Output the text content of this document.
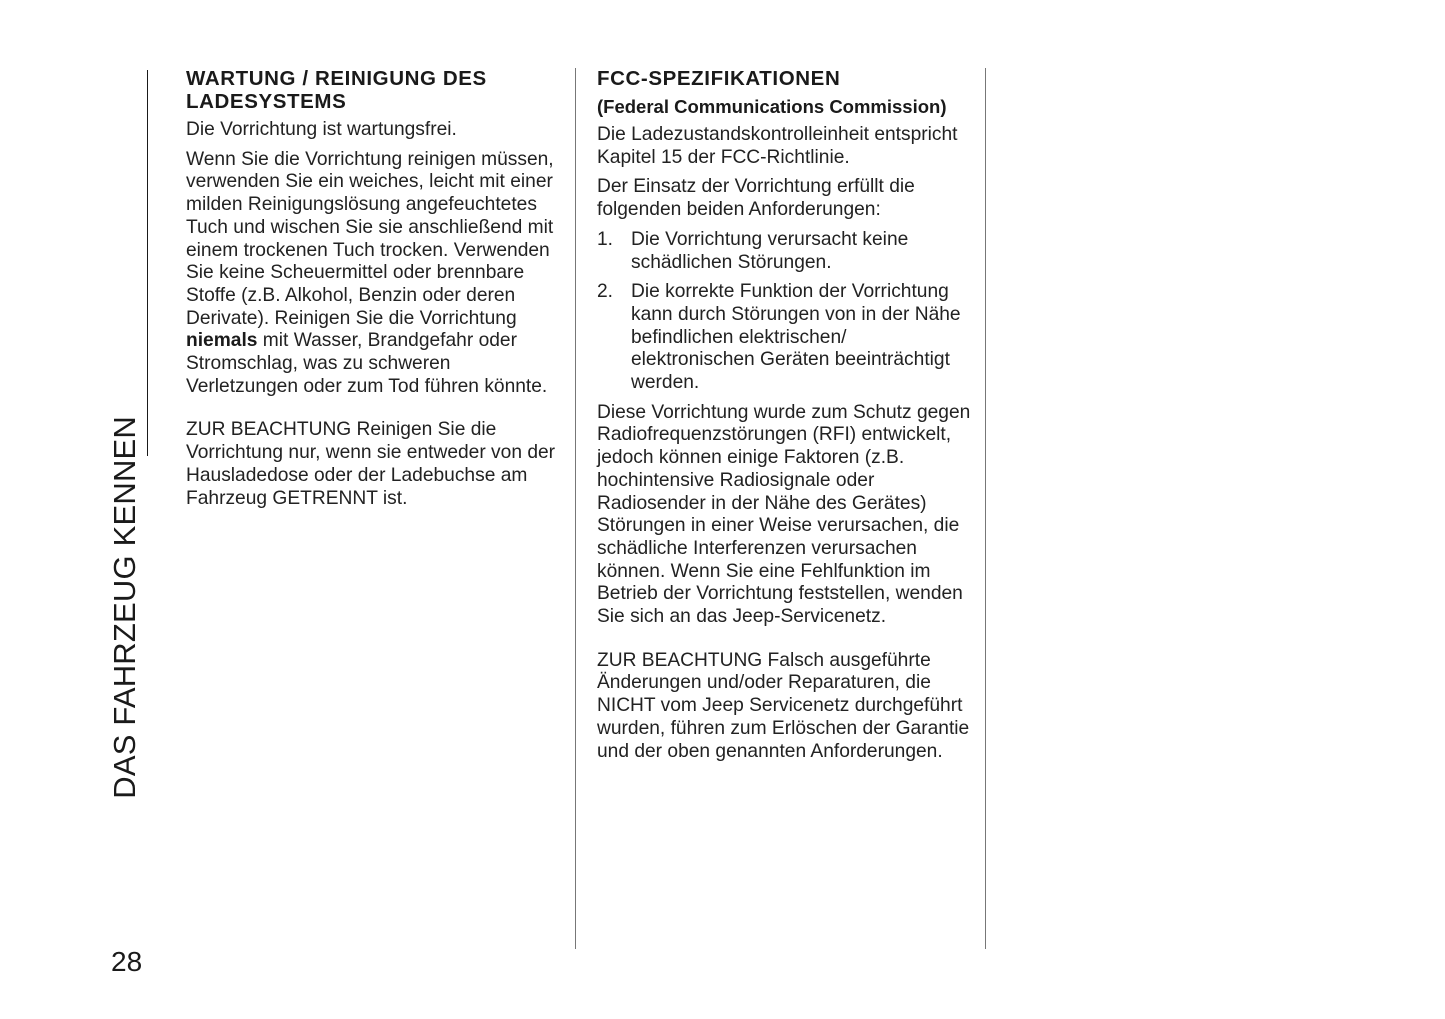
DAS FAHRZEUG KENNEN
WARTUNG / REINIGUNG DES LADESYSTEMS

Die Vorrichtung ist wartungsfrei.

Wenn Sie die Vorrichtung reinigen müssen, verwenden Sie ein weiches, leicht mit einer milden Reinigungslösung angefeuchtetes Tuch und wischen Sie sie anschließend mit einem trockenen Tuch trocken. Verwenden Sie keine Scheuermittel oder brennbare Stoffe (z.B. Alkohol, Benzin oder deren Derivate). Reinigen Sie die Vorrichtung niemals mit Wasser, Brandgefahr oder Stromschlag, was zu schweren Verletzungen oder zum Tod führen könnte.

ZUR BEACHTUNG Reinigen Sie die Vorrichtung nur, wenn sie entweder von der Hausladedose oder der Ladebuchse am Fahrzeug GETRENNT ist.

FCC-SPEZIFIKATIONEN
(Federal Communications Commission)

Die Ladezustandskontrolleinheit entspricht Kapitel 15 der FCC-Richtlinie.

Der Einsatz der Vorrichtung erfüllt die folgenden beiden Anforderungen:

1. Die Vorrichtung verursacht keine schädlichen Störungen.
2. Die korrekte Funktion der Vorrichtung kann durch Störungen von in der Nähe befindlichen elektrischen/ elektronischen Geräten beeinträchtigt werden.

Diese Vorrichtung wurde zum Schutz gegen Radiofrequenzstörungen (RFI) entwickelt, jedoch können einige Faktoren (z.B. hochintensive Radiosignale oder Radiosender in der Nähe des Gerätes) Störungen in einer Weise verursachen, die schädliche Interferenzen verursachen können. Wenn Sie eine Fehlfunktion im Betrieb der Vorrichtung feststellen, wenden Sie sich an das Jeep-Servicenetz.

ZUR BEACHTUNG Falsch ausgeführte Änderungen und/oder Reparaturen, die NICHT vom Jeep Servicenetz durchgeführt wurden, führen zum Erlöschen der Garantie und der oben genannten Anforderungen.

28
